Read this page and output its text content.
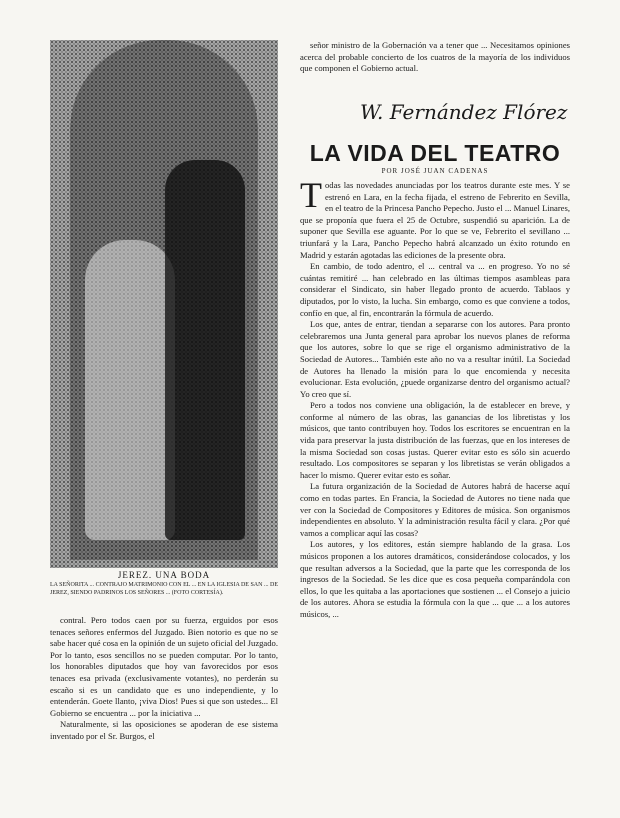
JEREZ. UNA BODA
LA SEÑORITA ... CONTRAJO MATRIMONIO CON EL ... EN LA IGLESIA DE SAN ... DE JEREZ, SIENDO PADRINOS LOS SEÑORES ... (FOTO CORTESÍA).

contral. Pero todos caen por su fuerza, erguidos por esos tenaces señores enfermos del Juzgado. Bien notorio es que no se sabe hacer qué cosa en la opinión de un sujeto oficial del Juzgado. Por lo tanto, esos sencillos no se pueden computar. Por lo tanto, los honorables diputados que hoy van favorecidos por esos tenaces esa privada (exclusivamente votantes), no perderán su escaño si es un candidato que es uno independiente, y lo entenderán. Goete llanto, ¡viva Dios! Pues si que son ustedes... El Gobierno se encuentra ... por la iniciativa ...

Naturalmente, si las oposiciones se apoderan de ese sistema inventado por el Sr. Burgos, el

señor ministro de la Gobernación va a tener que ... Necesitamos opiniones acerca del probable concierto de los cuatros de la mayoría de los individuos que componen el Gobierno actual.

W. Fernández Flórez
LA VIDA DEL TEATRO
POR JOSÉ JUAN CADENAS

Todas las novedades anunciadas por los teatros durante este mes. Y se estrenó en Lara, en la fecha fijada, el estreno de Febrerito en Sevilla, en el teatro de la Princesa Pancho Pepecho. Justo el ... Manuel Linares, que se proponía que fuera el 25 de Octubre, suspendió su aparición. La de suponer que Sevilla ese aguante. Por lo que se ve, Febrerito el sevillano ... triunfará y la Lara, Pancho Pepecho habrá alcanzado un éxito rotundo en Madrid y estarán agotadas las ediciones de la presente obra.

En cambio, de todo adentro, el ... central va ... en progreso. Yo no sé cuántas remitiré ... han celebrado en las últimas tiempos asambleas para considerar el Sindicato, sin haber llegado pronto de acuerdo. Tablaos y diputados, por lo visto, la lucha. Sin embargo, como es que conviene a todos, confío en que, al fin, encontrarán la fórmula de acuerdo.

Los que, antes de entrar, tiendan a separarse con los autores. Para pronto celebraremos una Junta general para aprobar los nuevos planes de reforma que los autores, sobre lo que se rige el organismo administrativo de la Sociedad de Autores... También este año no va a resultar inútil. La Sociedad de Autores ha llenado la misión para lo que encomienda y necesita evolucionar. Esta evolución, ¿puede organizarse dentro del organismo actual? Yo creo que sí.

Pero a todos nos conviene una obligación, la de establecer en breve, y conforme al número de las obras, las ganancias de los libretistas y los músicos, que tanto contribuyen hoy. Todos los escritores se encuentran en la vida para preservar la justa distribución de las fuerzas, que en los intereses de la misma Sociedad son cosas justas. Querer evitar esto es sólo sin acuerdo resultado. Los compositores se separan y los libretistas se verán obligados a hacer lo mismo. Querer evitar esto es soñar.

La futura organización de la Sociedad de Autores habrá de hacerse aquí como en todas partes. En Francia, la Sociedad de Autores no tiene nada que ver con la Sociedad de Compositores y Editores de música. Son organismos independientes en absoluto. Y la administración resulta fácil y clara. ¿Por qué vamos a complicar aquí las cosas?

Los autores, y los editores, están siempre hablando de la grasa. Los músicos proponen a los autores dramáticos, considerándose colocados, y los que resultan adversos a la Sociedad, que la parte que les corresponda de los ingresos de la Sociedad. Se les dice que es cosa pequeña comparándola con ellos, lo que les quitaba a las aportaciones que sostienen ... el Consejo a juicio de los autores. Ahora se estudia la fórmula con la que ... que ... a los autores músicos, ...
